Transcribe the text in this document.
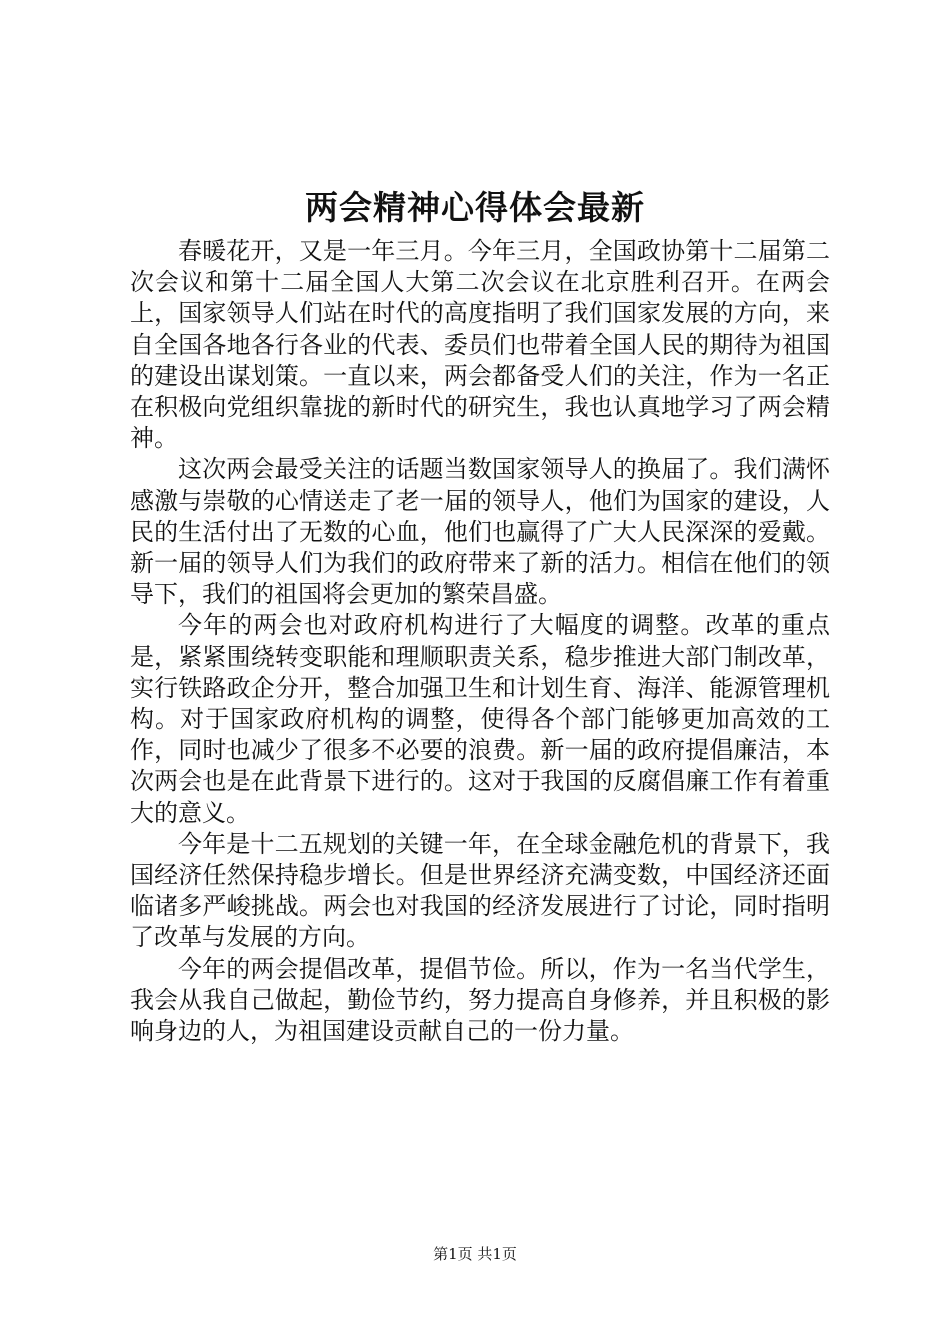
两会精神心得体会最新

春暖花开，又是一年三月。今年三月，全国政协第十二届第二次会议和第十二届全国人大第二次会议在北京胜利召开。在两会上，国家领导人们站在时代的高度指明了我们国家发展的方向，来自全国各地各行各业的代表、委员们也带着全国人民的期待为祖国的建设出谋划策。一直以来，两会都备受人们的关注，作为一名正在积极向党组织靠拢的新时代的研究生，我也认真地学习了两会精神。

这次两会最受关注的话题当数国家领导人的换届了。我们满怀感激与崇敬的心情送走了老一届的领导人，他们为国家的建设，人民的生活付出了无数的心血，他们也赢得了广大人民深深的爱戴。新一届的领导人们为我们的政府带来了新的活力。相信在他们的领导下，我们的祖国将会更加的繁荣昌盛。

今年的两会也对政府机构进行了大幅度的调整。改革的重点是，紧紧围绕转变职能和理顺职责关系，稳步推进大部门制改革，实行铁路政企分开，整合加强卫生和计划生育、海洋、能源管理机构。对于国家政府机构的调整，使得各个部门能够更加高效的工作，同时也减少了很多不必要的浪费。新一届的政府提倡廉洁，本次两会也是在此背景下进行的。这对于我国的反腐倡廉工作有着重大的意义。

今年是十二五规划的关键一年，在全球金融危机的背景下，我国经济任然保持稳步增长。但是世界经济充满变数，中国经济还面临诸多严峻挑战。两会也对我国的经济发展进行了讨论，同时指明了改革与发展的方向。

今年的两会提倡改革，提倡节俭。所以，作为一名当代学生，我会从我自己做起，勤俭节约，努力提高自身修养，并且积极的影响身边的人，为祖国建设贡献自己的一份力量。

第1页 共1页
